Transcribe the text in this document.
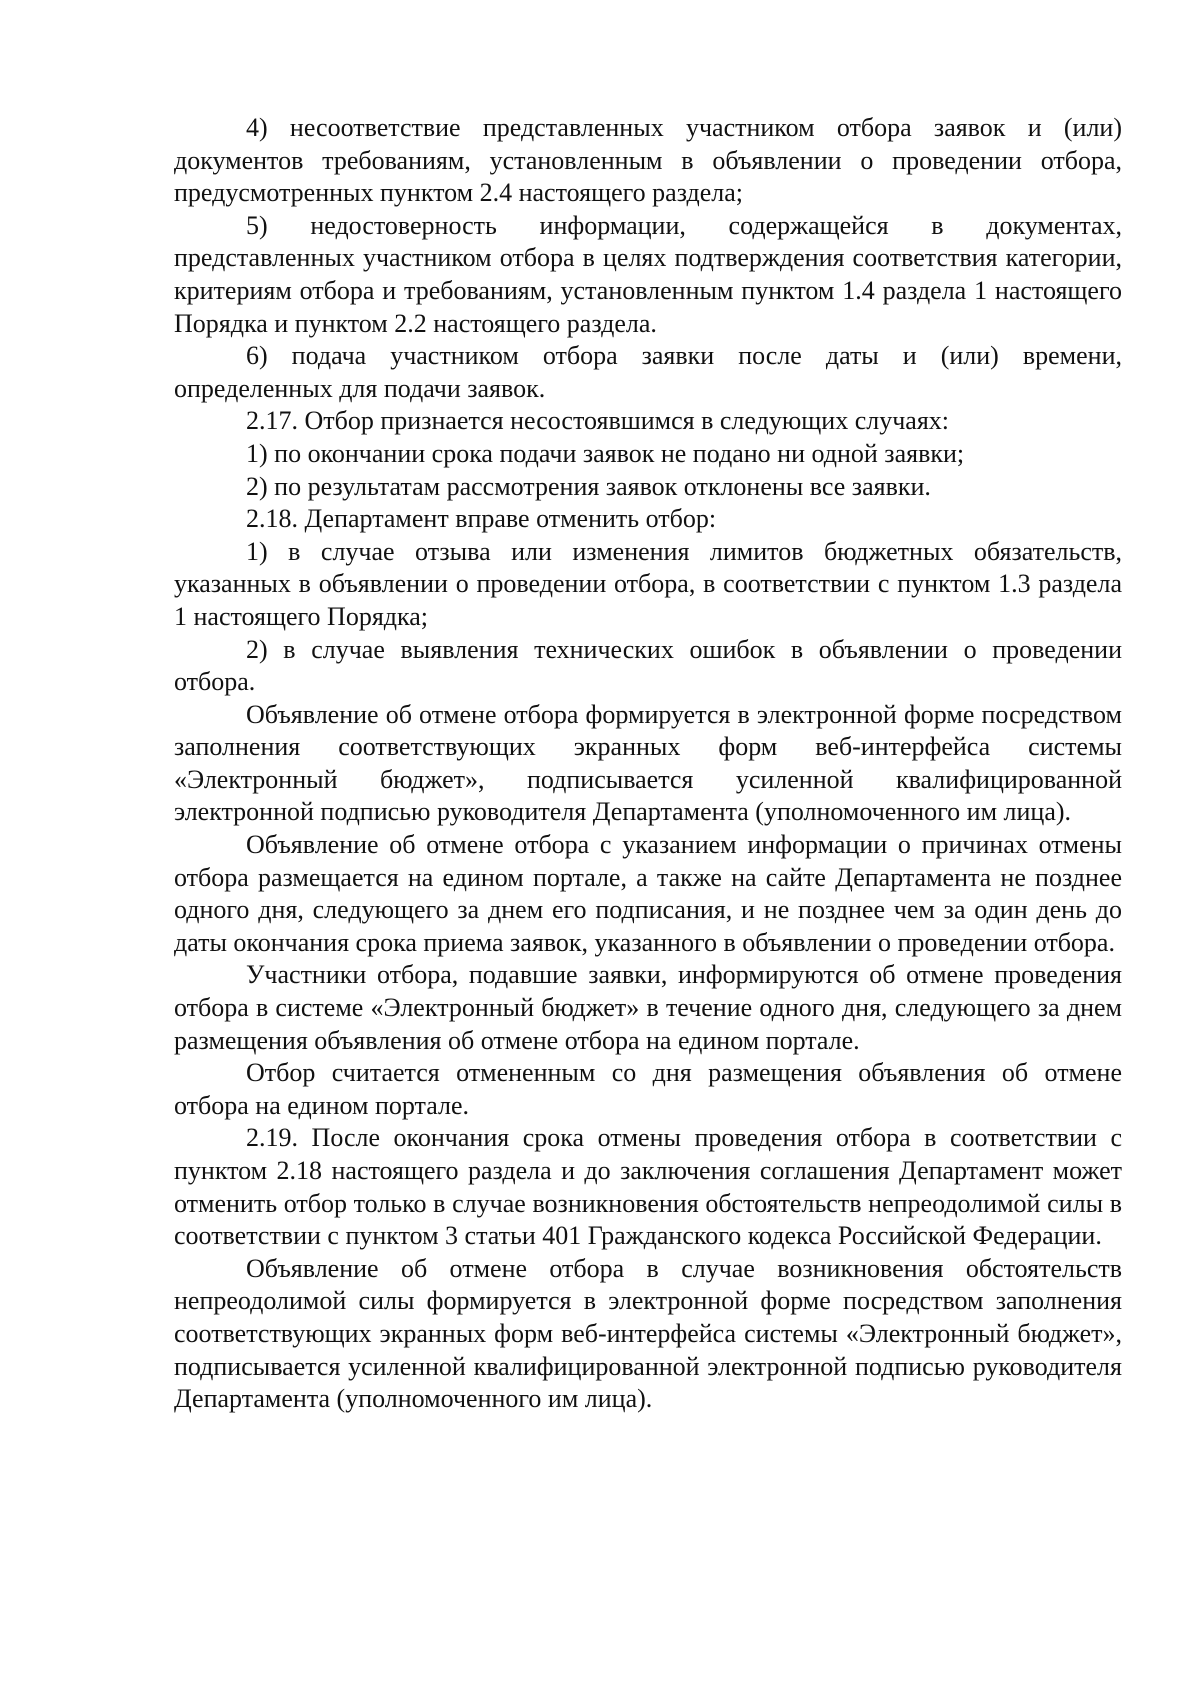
4) несоответствие представленных участником отбора заявок и (или) документов требованиям, установленным в объявлении о проведении отбора, предусмотренных пунктом 2.4 настоящего раздела;

5) недостоверность информации, содержащейся в документах, представленных участником отбора в целях подтверждения соответствия категории, критериям отбора и требованиям, установленным пунктом 1.4 раздела 1 настоящего Порядка и пунктом 2.2 настоящего раздела.

6) подача участником отбора заявки после даты и (или) времени, определенных для подачи заявок.

2.17. Отбор признается несостоявшимся в следующих случаях:

1) по окончании срока подачи заявок не подано ни одной заявки;

2) по результатам рассмотрения заявок отклонены все заявки.

2.18. Департамент вправе отменить отбор:

1) в случае отзыва или изменения лимитов бюджетных обязательств, указанных в объявлении о проведении отбора, в соответствии с пунктом 1.3 раздела 1 настоящего Порядка;

2) в случае выявления технических ошибок в объявлении о проведении отбора.

Объявление об отмене отбора формируется в электронной форме посредством заполнения соответствующих экранных форм веб-интерфейса системы «Электронный бюджет», подписывается усиленной квалифицированной электронной подписью руководителя Департамента (уполномоченного им лица).

Объявление об отмене отбора с указанием информации о причинах отмены отбора размещается на едином портале, а также на сайте Департамента не позднее одного дня, следующего за днем его подписания, и не позднее чем за один день до даты окончания срока приема заявок, указанного в объявлении о проведении отбора.

Участники отбора, подавшие заявки, информируются об отмене проведения отбора в системе «Электронный бюджет» в течение одного дня, следующего за днем размещения объявления об отмене отбора на едином портале.

Отбор считается отмененным со дня размещения объявления об отмене отбора на едином портале.

2.19. После окончания срока отмены проведения отбора в соответствии с пунктом 2.18 настоящего раздела и до заключения соглашения Департамент может отменить отбор только в случае возникновения обстоятельств непреодолимой силы в соответствии с пунктом 3 статьи 401 Гражданского кодекса Российской Федерации.

Объявление об отмене отбора в случае возникновения обстоятельств непреодолимой силы формируется в электронной форме посредством заполнения соответствующих экранных форм веб-интерфейса системы «Электронный бюджет», подписывается усиленной квалифицированной электронной подписью руководителя Департамента (уполномоченного им лица).
